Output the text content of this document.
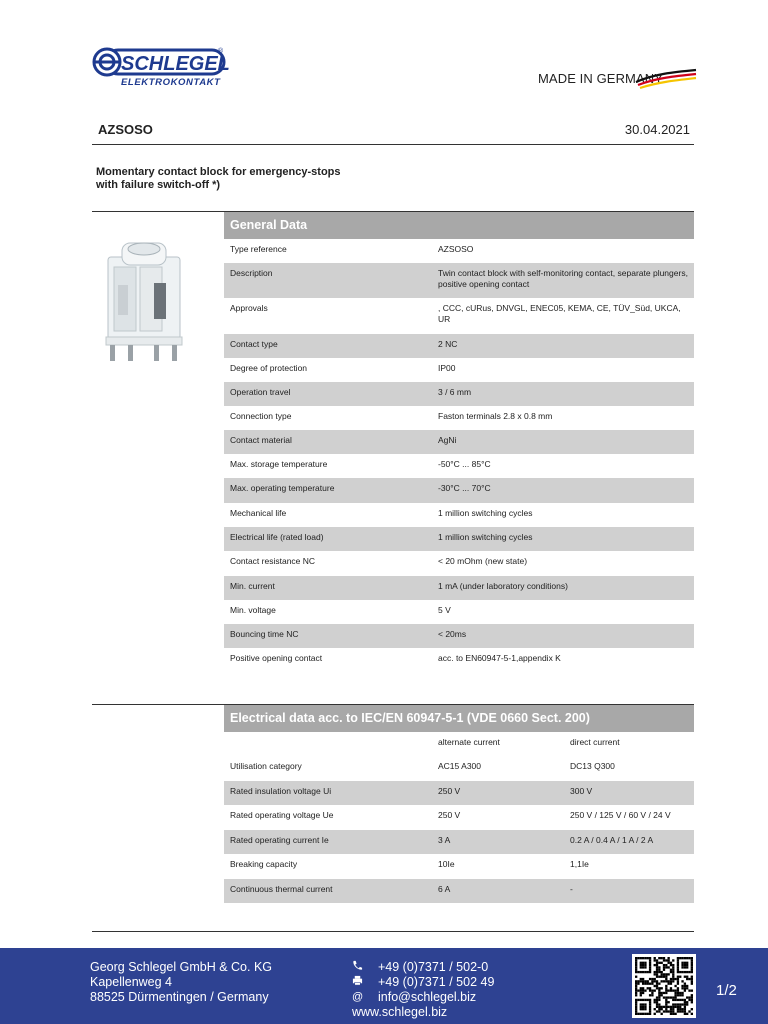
SCHLEGEL
®
ELEKTROKONTAKT	MADE IN GERMANY
AZSOSO	30.04.2021
Momentary contact block for emergency-stops
with failure switch-off *)
General Data
Type reference	AZSOSO
Description	Twin contact block with self-monitoring contact, separate plungers, positive opening contact
Approvals	, CCC, cURus, DNVGL, ENEC05, KEMA, CE, TÜV_Süd, UKCA, UR
Contact type	2 NC
Degree of protection	IP00
Operation travel	3 / 6 mm
Connection type	Faston terminals 2.8 x 0.8 mm
Contact material	AgNi
Max. storage temperature	-50°C ... 85°C
Max. operating temperature	-30°C ... 70°C
Mechanical life	1 million switching cycles
Electrical life (rated load)	1 million switching cycles
Contact resistance NC	< 20 mOhm (new state)
Min. current	1 mA (under laboratory conditions)
Min. voltage	5 V
Bouncing time NC	< 20ms
Positive opening contact	acc. to EN60947-5-1,appendix K
Electrical data acc. to IEC/EN 60947-5-1 (VDE 0660 Sect. 200)
	alternate current	direct current
Utilisation category	AC15 A300	DC13 Q300
Rated insulation voltage Ui	250 V	300 V
Rated operating voltage Ue	250 V	250 V / 125 V / 60 V / 24 V
Rated operating current Ie	3 A	0.2 A / 0.4 A / 1 A / 2 A
Breaking capacity	10Ie	1,1Ie
Continuous thermal current	6 A	-
Georg Schlegel GmbH & Co. KG
Kapellenweg 4
88525 Dürmentingen / Germany
+49 (0)7371 / 502-0
+49 (0)7371 / 502 49
@	info@schlegel.biz
www.schlegel.biz
1/2
